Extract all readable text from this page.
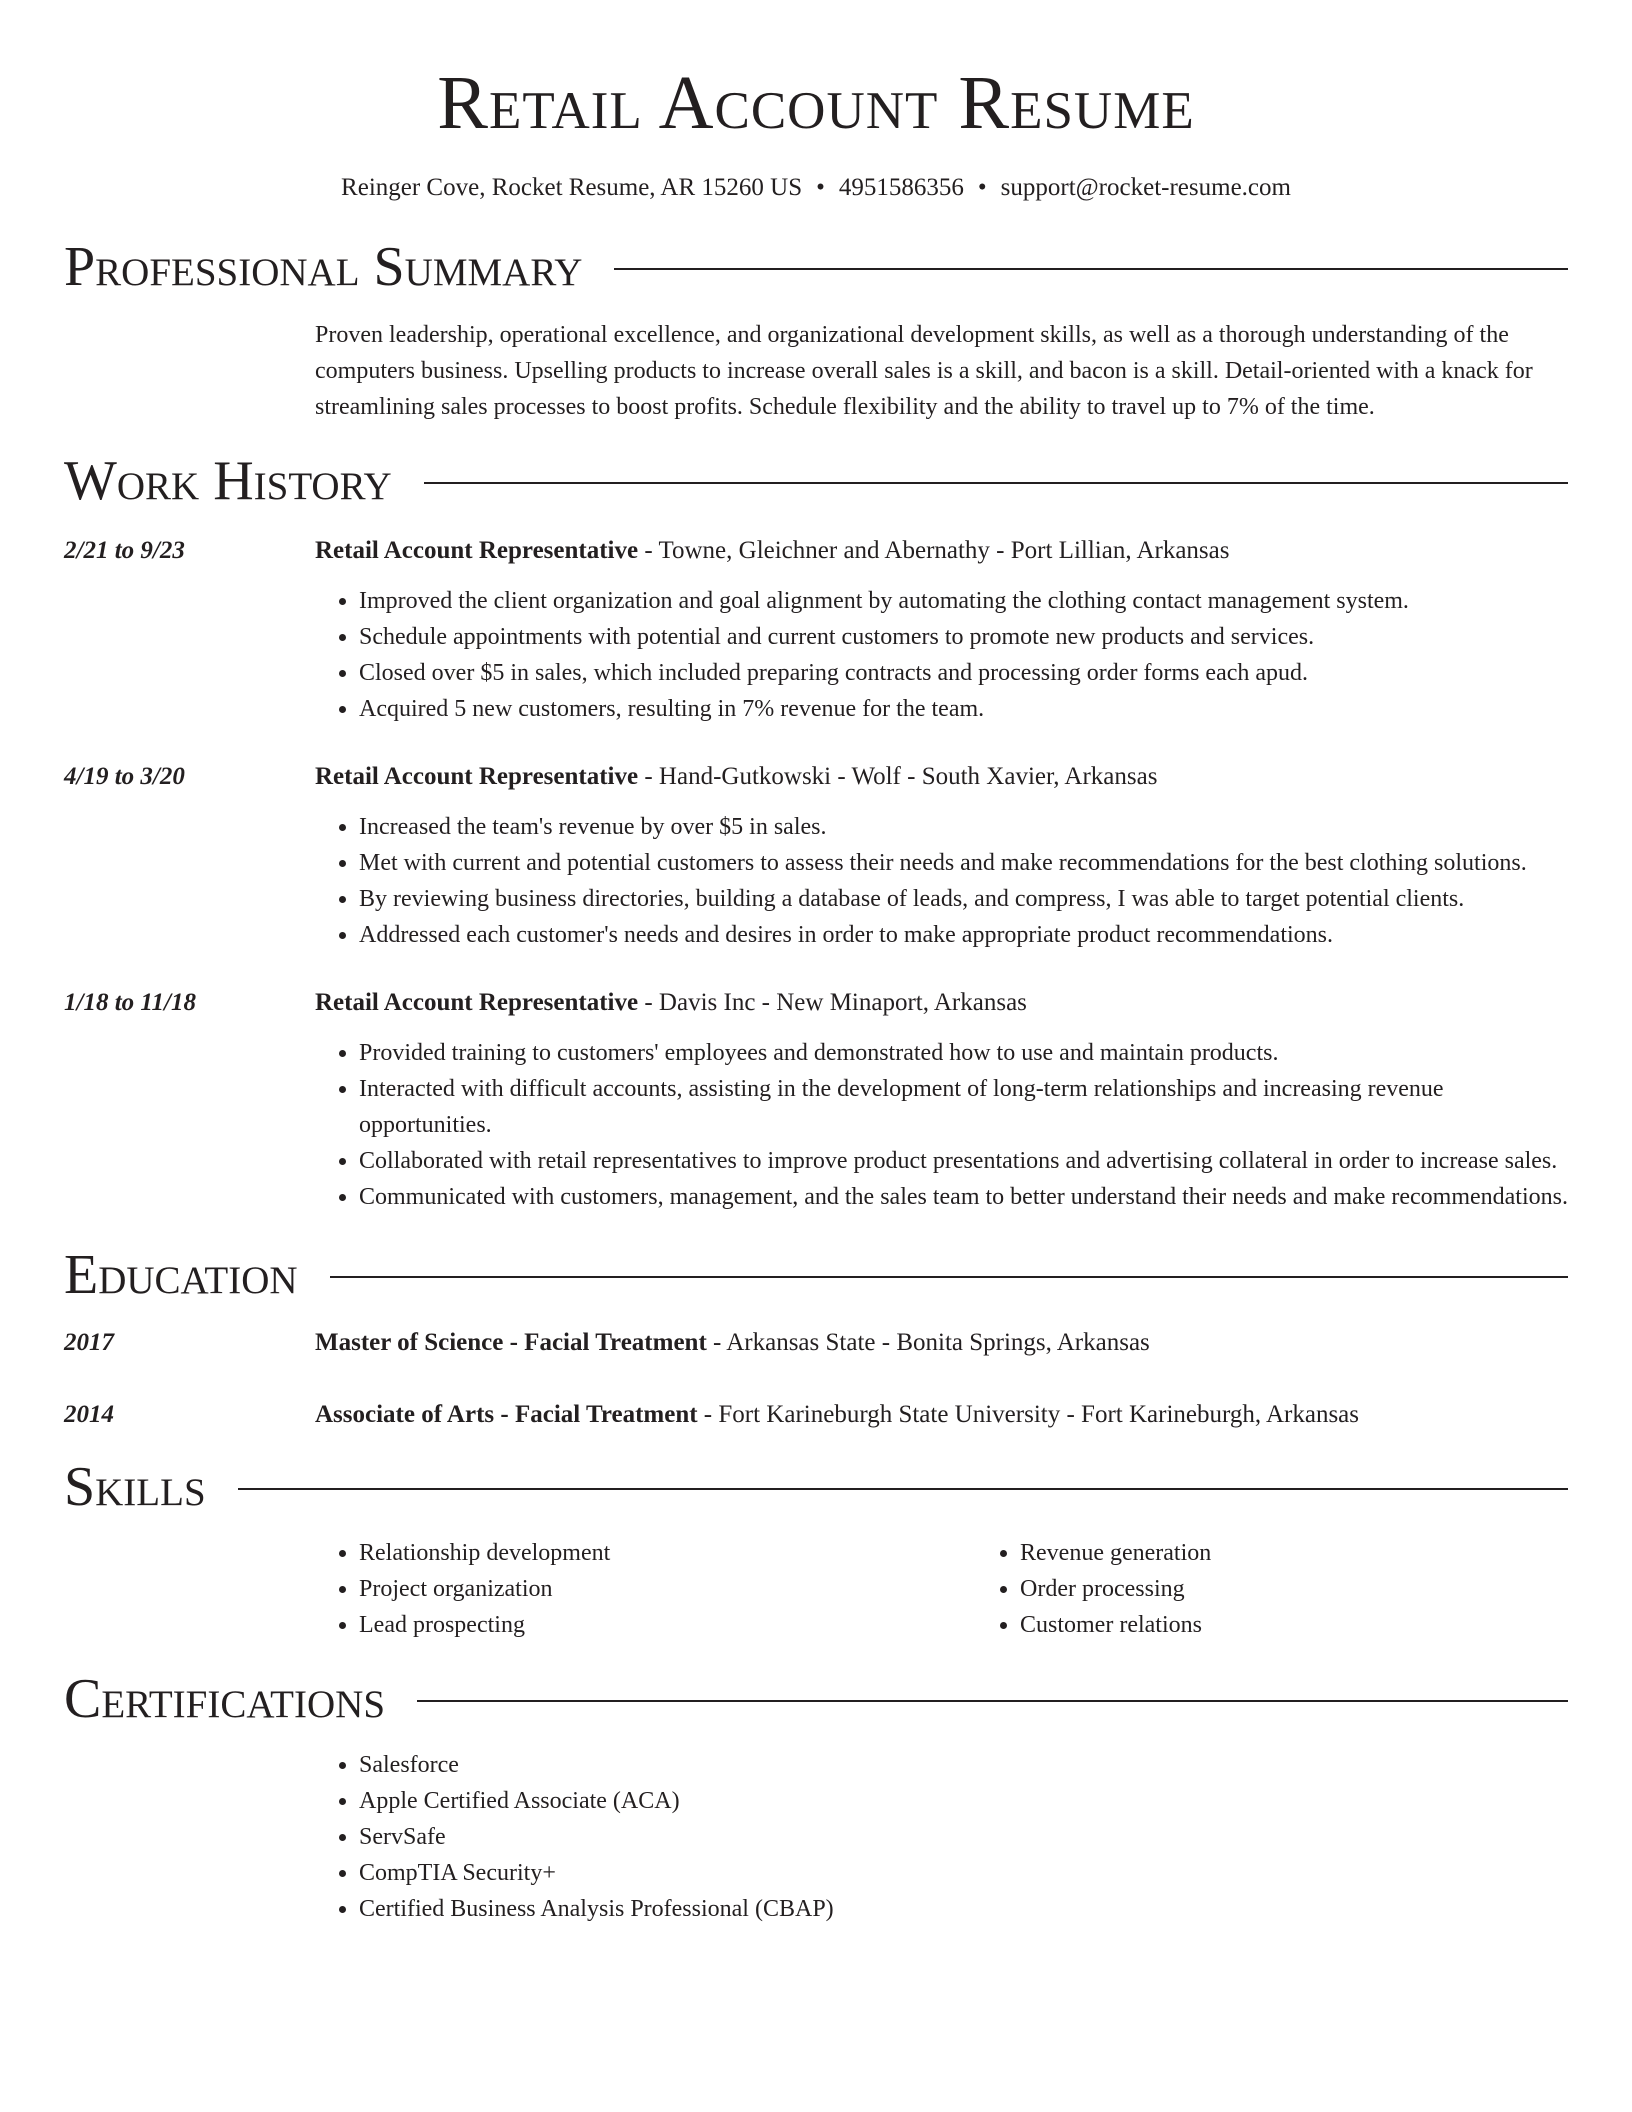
Retail Account Resume
Reinger Cove, Rocket Resume, AR 15260 US • 4951586356 • support@rocket-resume.com
Professional Summary
Proven leadership, operational excellence, and organizational development skills, as well as a thorough understanding of the computers business. Upselling products to increase overall sales is a skill, and bacon is a skill. Detail-oriented with a knack for streamlining sales processes to boost profits. Schedule flexibility and the ability to travel up to 7% of the time.
Work History
2/21 to 9/23	Retail Account Representative - Towne, Gleichner and Abernathy - Port Lillian, Arkansas
• Improved the client organization and goal alignment by automating the clothing contact management system.
• Schedule appointments with potential and current customers to promote new products and services.
• Closed over $5 in sales, which included preparing contracts and processing order forms each apud.
• Acquired 5 new customers, resulting in 7% revenue for the team.
4/19 to 3/20	Retail Account Representative - Hand-Gutkowski - Wolf - South Xavier, Arkansas
• Increased the team's revenue by over $5 in sales.
• Met with current and potential customers to assess their needs and make recommendations for the best clothing solutions.
• By reviewing business directories, building a database of leads, and compress, I was able to target potential clients.
• Addressed each customer's needs and desires in order to make appropriate product recommendations.
1/18 to 11/18	Retail Account Representative - Davis Inc - New Minaport, Arkansas
• Provided training to customers' employees and demonstrated how to use and maintain products.
• Interacted with difficult accounts, assisting in the development of long-term relationships and increasing revenue opportunities.
• Collaborated with retail representatives to improve product presentations and advertising collateral in order to increase sales.
• Communicated with customers, management, and the sales team to better understand their needs and make recommendations.
Education
2017	Master of Science - Facial Treatment - Arkansas State - Bonita Springs, Arkansas
2014	Associate of Arts - Facial Treatment - Fort Karineburgh State University - Fort Karineburgh, Arkansas
Skills
• Relationship development
• Project organization
• Lead prospecting
• Revenue generation
• Order processing
• Customer relations
Certifications
• Salesforce
• Apple Certified Associate (ACA)
• ServSafe
• CompTIA Security+
• Certified Business Analysis Professional (CBAP)
